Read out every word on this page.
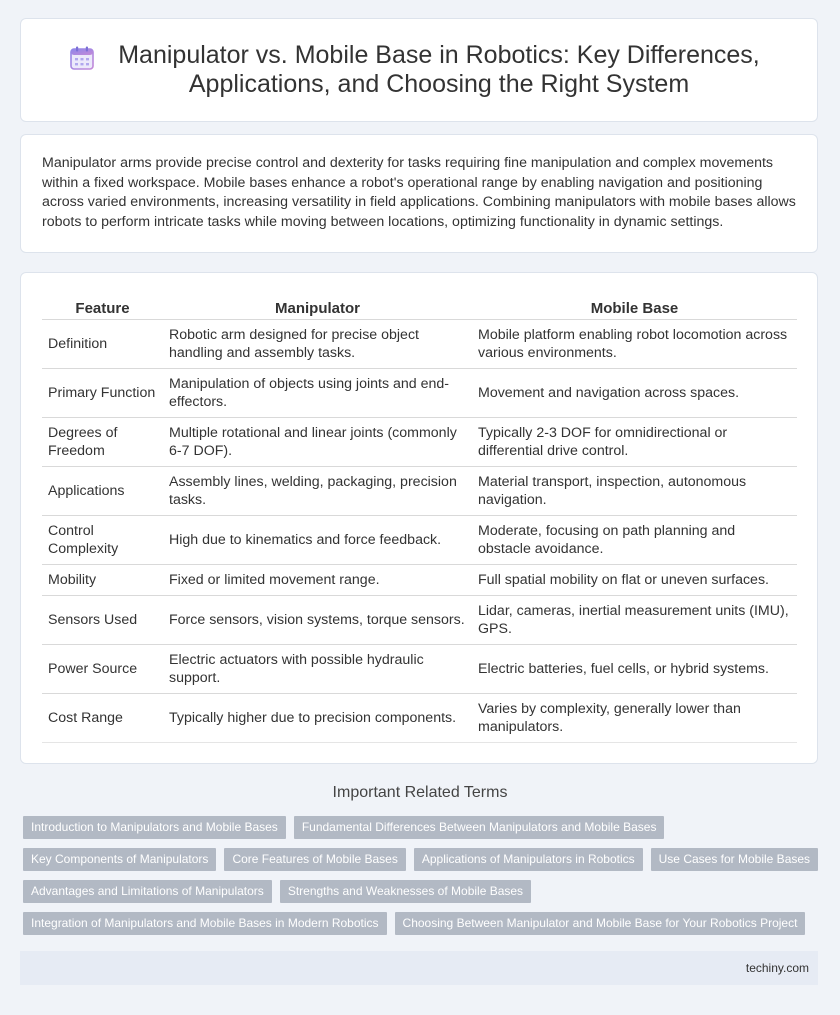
Manipulator vs. Mobile Base in Robotics: Key Differences, Applications, and Choosing the Right System

Manipulator arms provide precise control and dexterity for tasks requiring fine manipulation and complex movements within a fixed workspace. Mobile bases enhance a robot's operational range by enabling navigation and positioning across varied environments, increasing versatility in field applications. Combining manipulators with mobile bases allows robots to perform intricate tasks while moving between locations, optimizing functionality in dynamic settings.

Feature	Manipulator	Mobile Base
Definition	Robotic arm designed for precise object handling and assembly tasks.	Mobile platform enabling robot locomotion across various environments.
Primary Function	Manipulation of objects using joints and end-effectors.	Movement and navigation across spaces.
Degrees of Freedom	Multiple rotational and linear joints (commonly 6-7 DOF).	Typically 2-3 DOF for omnidirectional or differential drive control.
Applications	Assembly lines, welding, packaging, precision tasks.	Material transport, inspection, autonomous navigation.
Control Complexity	High due to kinematics and force feedback.	Moderate, focusing on path planning and obstacle avoidance.
Mobility	Fixed or limited movement range.	Full spatial mobility on flat or uneven surfaces.
Sensors Used	Force sensors, vision systems, torque sensors.	Lidar, cameras, inertial measurement units (IMU), GPS.
Power Source	Electric actuators with possible hydraulic support.	Electric batteries, fuel cells, or hybrid systems.
Cost Range	Typically higher due to precision components.	Varies by complexity, generally lower than manipulators.
Important Related Terms
Introduction to Manipulators and Mobile Bases	Fundamental Differences Between Manipulators and Mobile Bases
Key Components of Manipulators	Core Features of Mobile Bases	Applications of Manipulators in Robotics	Use Cases for Mobile Bases
Advantages and Limitations of Manipulators	Strengths and Weaknesses of Mobile Bases
Integration of Manipulators and Mobile Bases in Modern Robotics	Choosing Between Manipulator and Mobile Base for Your Robotics Project
techiny.com
